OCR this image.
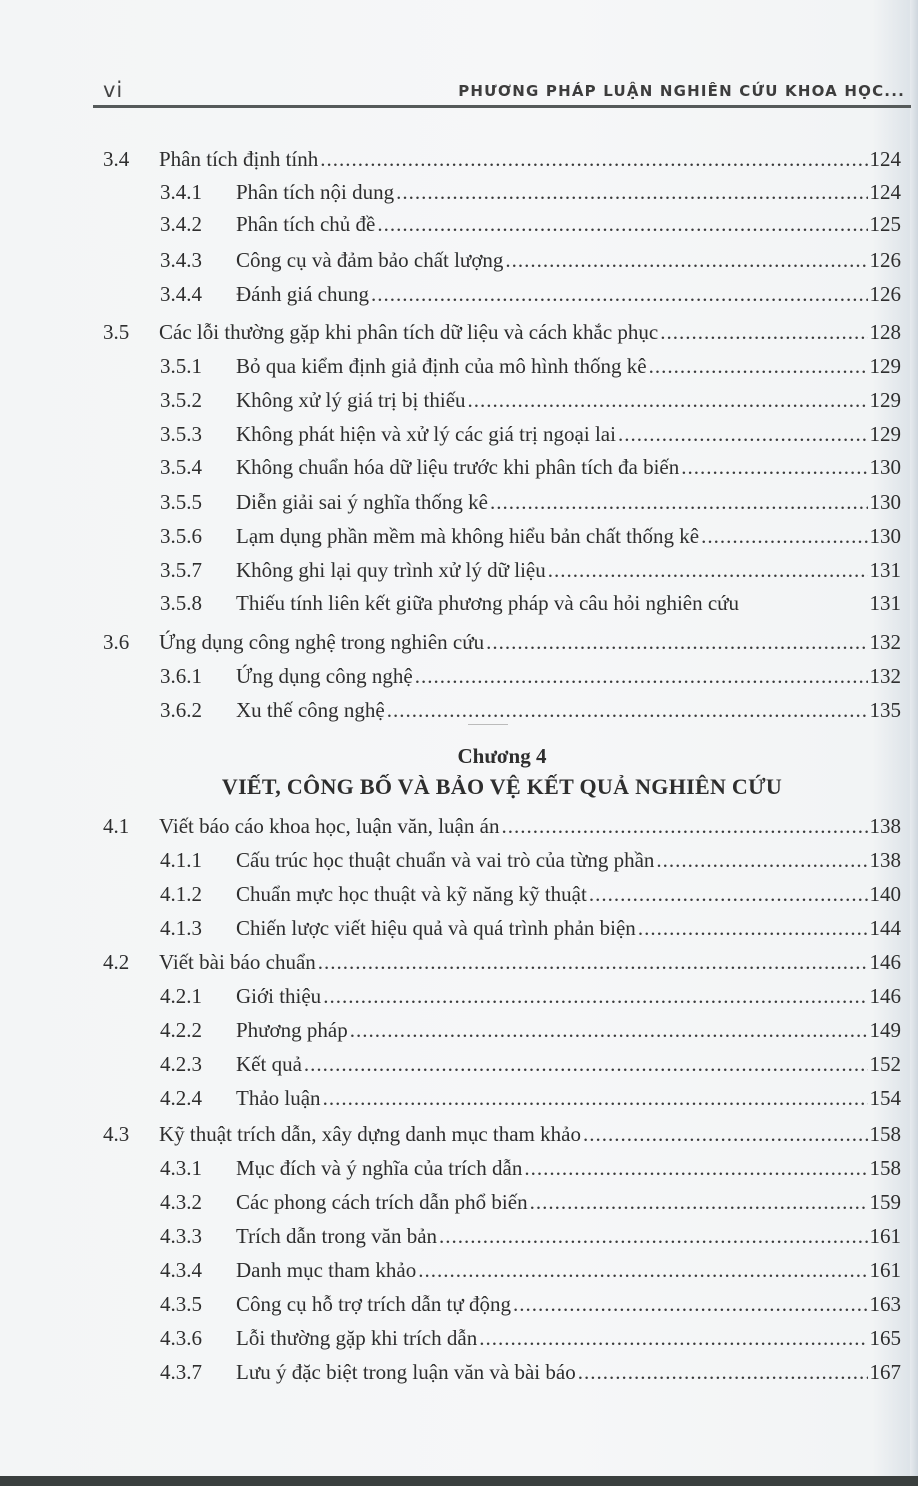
vi	PHƯƠNG PHÁP LUẬN NGHIÊN CỨU KHOA HỌC...
3.4	Phân tích định tính .....	124
3.4.1	Phân tích nội dung .....	124
3.4.2	Phân tích chủ đề .....	125
3.4.3	Công cụ và đảm bảo chất lượng .....	126
3.4.4	Đánh giá chung .....	126
3.5	Các lỗi thường gặp khi phân tích dữ liệu và cách khắc phục .....	128
3.5.1	Bỏ qua kiểm định giả định của mô hình thống kê .....	129
3.5.2	Không xử lý giá trị bị thiếu .....	129
3.5.3	Không phát hiện và xử lý các giá trị ngoại lai .....	129
3.5.4	Không chuẩn hóa dữ liệu trước khi phân tích đa biến .....	130
3.5.5	Diễn giải sai ý nghĩa thống kê .....	130
3.5.6	Lạm dụng phần mềm mà không hiểu bản chất thống kê .....	130
3.5.7	Không ghi lại quy trình xử lý dữ liệu .....	131
3.5.8	Thiếu tính liên kết giữa phương pháp và câu hỏi nghiên cứu	131
3.6	Ứng dụng công nghệ trong nghiên cứu .....	132
3.6.1	Ứng dụng công nghệ .....	132
3.6.2	Xu thế công nghệ .....	135
Chương 4
VIẾT, CÔNG BỐ VÀ BẢO VỆ KẾT QUẢ NGHIÊN CỨU
4.1	Viết báo cáo khoa học, luận văn, luận án .....	138
4.1.1	Cấu trúc học thuật chuẩn và vai trò của từng phần .....	138
4.1.2	Chuẩn mực học thuật và kỹ năng kỹ thuật .....	140
4.1.3	Chiến lược viết hiệu quả và quá trình phản biện .....	144
4.2	Viết bài báo chuẩn .....	146
4.2.1	Giới thiệu .....	146
4.2.2	Phương pháp .....	149
4.2.3	Kết quả .....	152
4.2.4	Thảo luận .....	154
4.3	Kỹ thuật trích dẫn, xây dựng danh mục tham khảo .....	158
4.3.1	Mục đích và ý nghĩa của trích dẫn .....	158
4.3.2	Các phong cách trích dẫn phổ biến .....	159
4.3.3	Trích dẫn trong văn bản .....	161
4.3.4	Danh mục tham khảo .....	161
4.3.5	Công cụ hỗ trợ trích dẫn tự động .....	163
4.3.6	Lỗi thường gặp khi trích dẫn .....	165
4.3.7	Lưu ý đặc biệt trong luận văn và bài báo .....	167
